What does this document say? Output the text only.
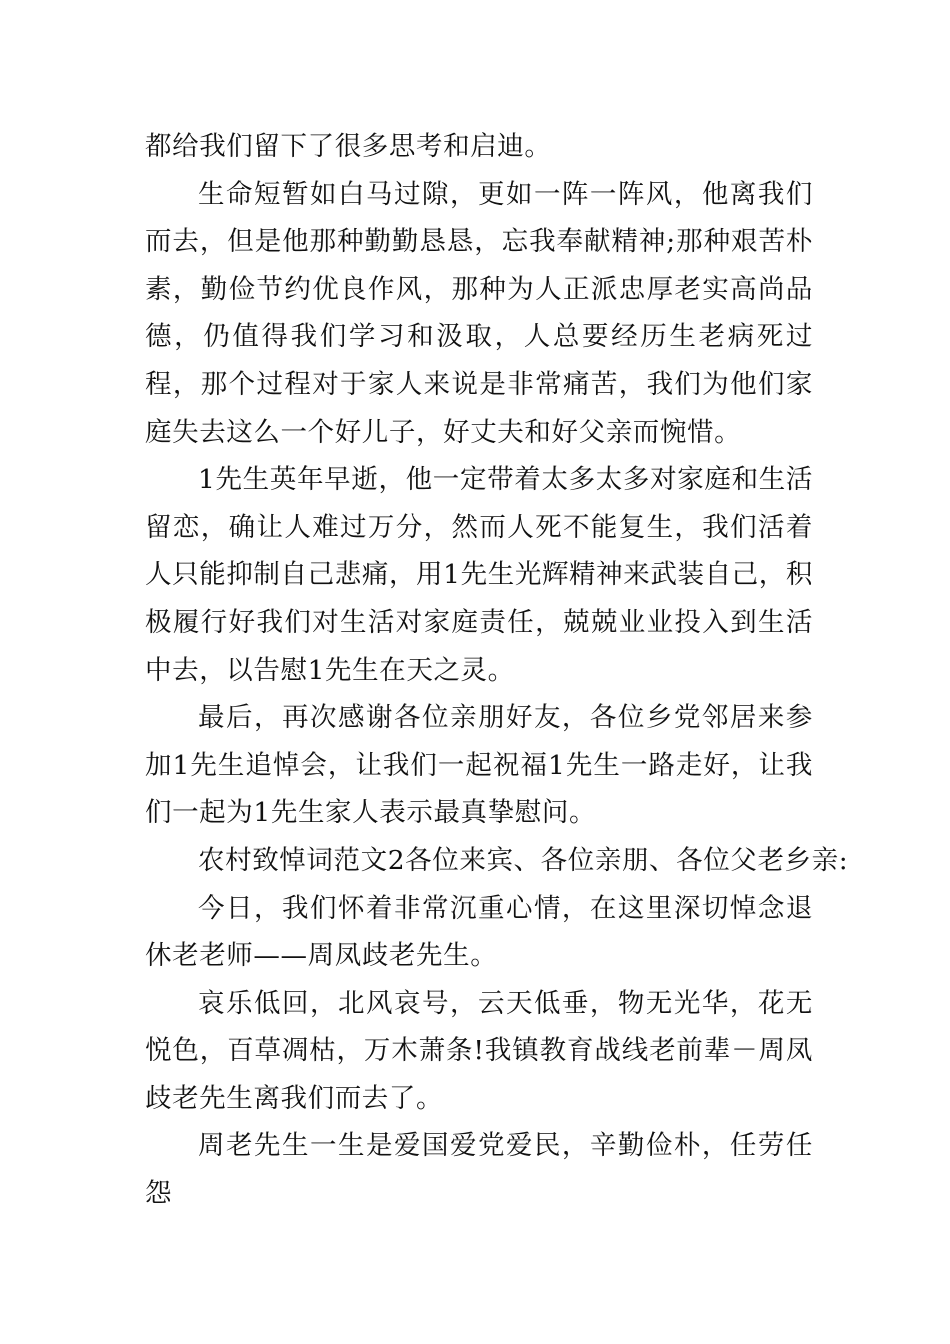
都给我们留下了很多思考和启迪。

生命短暂如白马过隙，更如一阵一阵风，他离我们而去，但是他那种勤勤恳恳，忘我奉献精神;那种艰苦朴素，勤俭节约优良作风，那种为人正派忠厚老实高尚品德，仍值得我们学习和汲取，人总要经历生老病死过程，那个过程对于家人来说是非常痛苦，我们为他们家庭失去这么一个好儿子，好丈夫和好父亲而惋惜。

1先生英年早逝，他一定带着太多太多对家庭和生活留恋，确让人难过万分，然而人死不能复生，我们活着人只能抑制自己悲痛，用1先生光辉精神来武装自己，积极履行好我们对生活对家庭责任，兢兢业业投入到生活中去，以告慰1先生在天之灵。

最后，再次感谢各位亲朋好友，各位乡党邻居来参加1先生追悼会，让我们一起祝福1先生一路走好，让我们一起为1先生家人表示最真挚慰问。

农村致悼词范文2各位来宾、各位亲朋、各位父老乡亲:

今日，我们怀着非常沉重心情，在这里深切悼念退休老老师——周凤歧老先生。

哀乐低回，北风哀号，云天低垂，物无光华，花无悦色，百草凋枯，万木萧条!我镇教育战线老前辈－周凤歧老先生离我们而去了。

周老先生一生是爱国爱党爱民，辛勤俭朴，任劳任怨
